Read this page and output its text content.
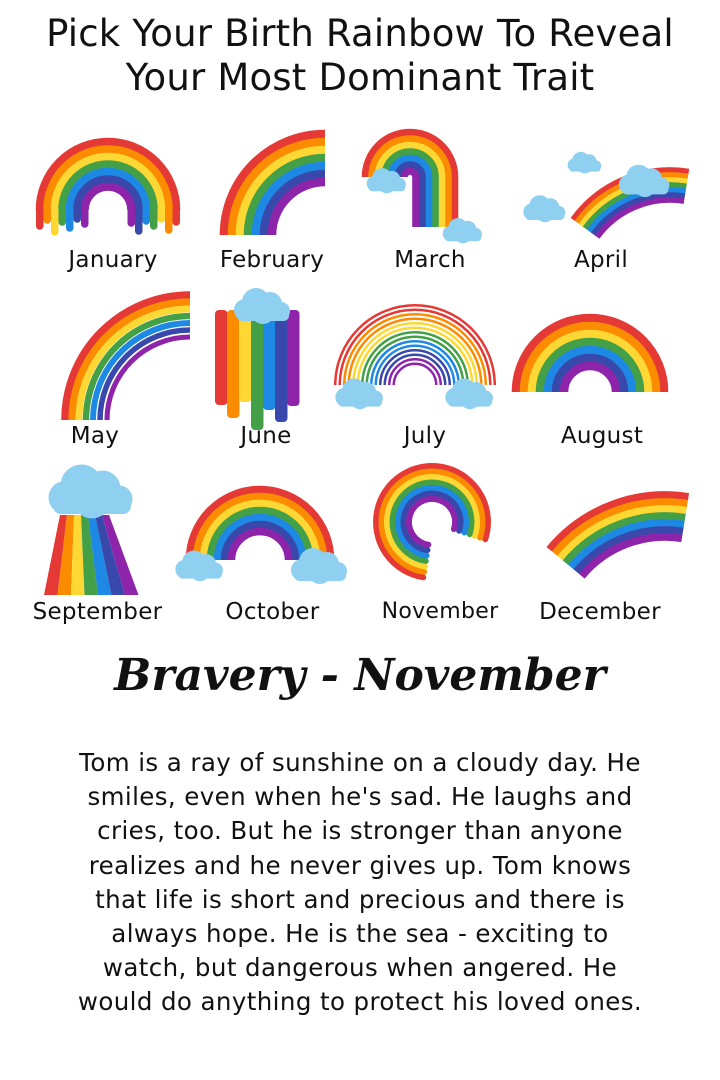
Pick Your Birth Rainbow To Reveal
Your Most Dominant Trait
January	February	March	April
May	June	July	August
September	October	November	December
Bravery - November
Tom is a ray of sunshine on a cloudy day. He
smiles, even when he's sad. He laughs and
cries, too. But he is stronger than anyone
realizes and he never gives up. Tom knows
that life is short and precious and there is
always hope. He is the sea - exciting to
watch, but dangerous when angered. He
would do anything to protect his loved ones.
